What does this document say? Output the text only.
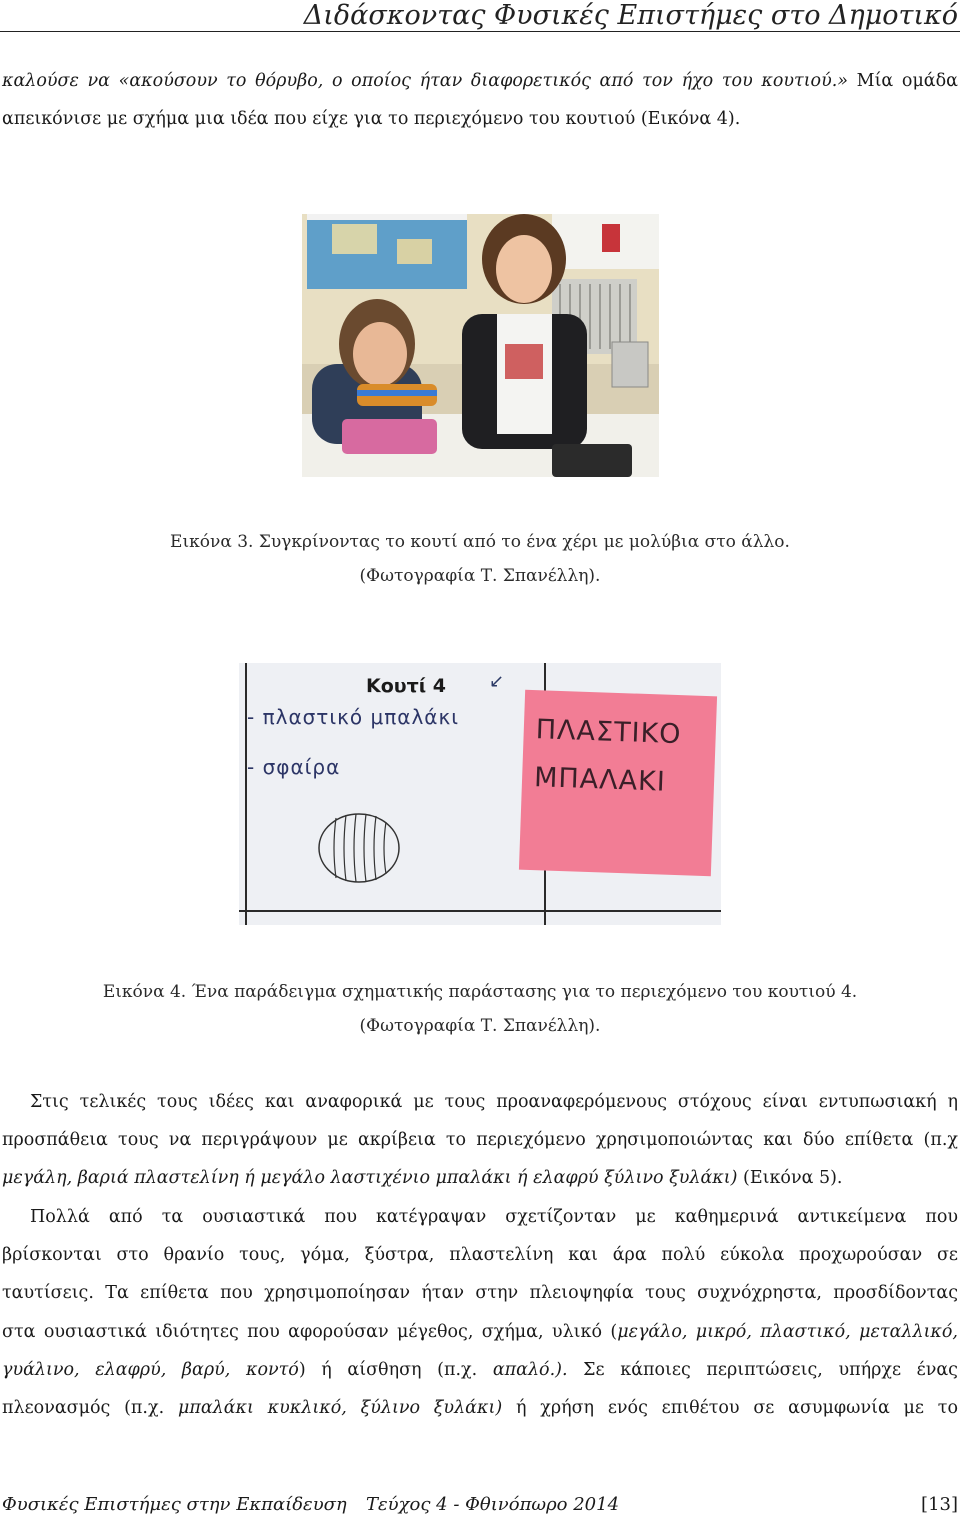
Διδάσκοντας Φυσικές Επιστήμες στο Δημοτικό
καλούσε να «ακούσουν το θόρυβο, ο οποίος ήταν διαφορετικός από τον ήχο του κουτιού.» Μία ομάδα
απεικόνισε με σχήμα μια ιδέα που είχε για το περιεχόμενο του κουτιού (Εικόνα 4).
Εικόνα 3. Συγκρίνοντας το κουτί από το ένα χέρι με μολύβια στο άλλο.
(Φωτογραφία Τ. Σπανέλλη).
Κουτί 4 ↙
- πλαστικό μπαλάκι
- σφαίρα
ΠΛΑΣΤΙΚΟ
ΜΠΑΛΑΚΙ
Εικόνα 4. Ένα παράδειγμα σχηματικής παράστασης για το περιεχόμενο του κουτιού 4.
(Φωτογραφία Τ. Σπανέλλη).
Στις τελικές τους ιδέες και αναφορικά με τους προαναφερόμενους στόχους είναι εντυπωσιακή η
προσπάθεια τους να περιγράψουν με ακρίβεια το περιεχόμενο χρησιμοποιώντας και δύο επίθετα (π.χ
μεγάλη, βαριά πλαστελίνη ή μεγάλο λαστιχένιο μπαλάκι ή ελαφρύ ξύλινο ξυλάκι) (Εικόνα 5).
Πολλά από τα ουσιαστικά που κατέγραψαν σχετίζονταν με καθημερινά αντικείμενα που
βρίσκονται στο θρανίο τους, γόμα, ξύστρα, πλαστελίνη και άρα πολύ εύκολα προχωρούσαν σε
ταυτίσεις. Τα επίθετα που χρησιμοποίησαν ήταν στην πλειοψηφία τους συχνόχρηστα, προσδίδοντας
στα ουσιαστικά ιδιότητες που αφορούσαν μέγεθος, σχήμα, υλικό (μεγάλο, μικρό, πλαστικό, μεταλλικό,
γυάλινο, ελαφρύ, βαρύ, κοντό) ή αίσθηση (π.χ. απαλό.). Σε κάποιες περιπτώσεις, υπήρχε ένας
πλεονασμός (π.χ. μπαλάκι κυκλικό, ξύλινο ξυλάκι) ή χρήση ενός επιθέτου σε ασυμφωνία με το
Φυσικές Επιστήμες στην Εκπαίδευση Τεύχος 4 - Φθινόπωρο 2014	[13]
